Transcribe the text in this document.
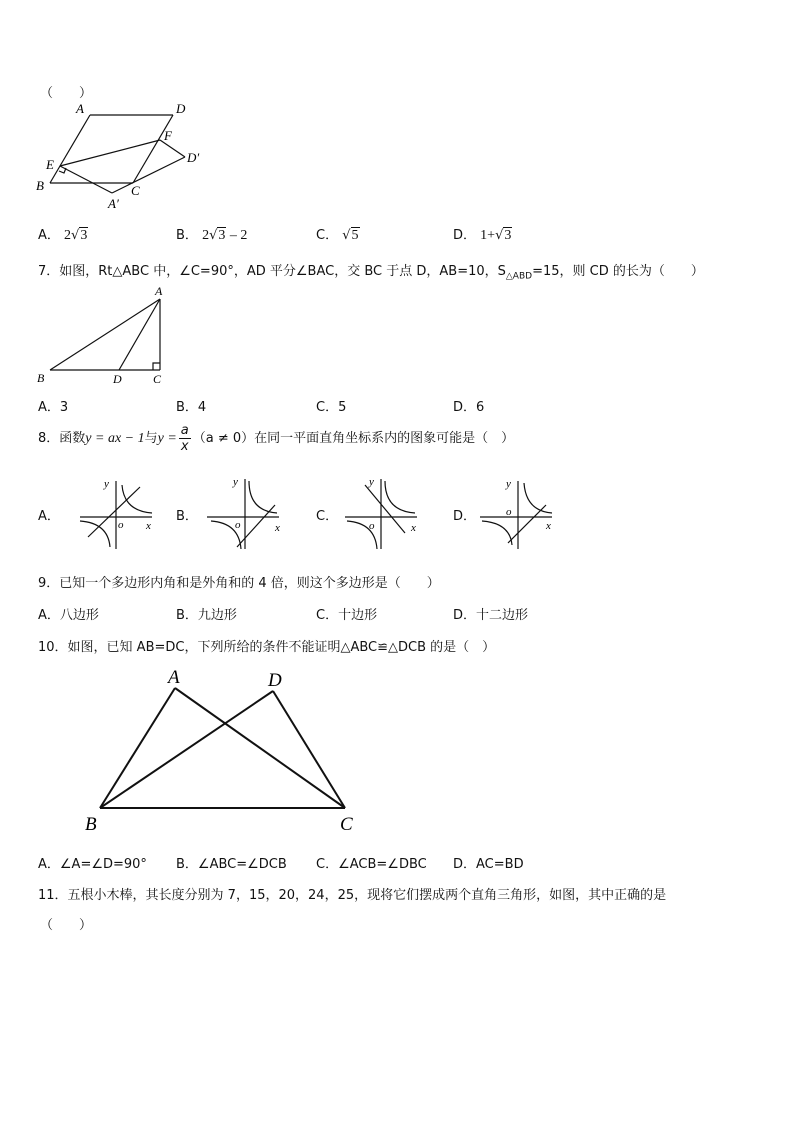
（　　）
A	D
F
E	D′
B	C
A′
A． 2√3	B． 2√3 – 2	C． √5	D． 1+√3
7．如图，Rt△ABC 中，∠C=90°，AD 平分∠BAC，交 BC 于点 D，AB=10，$S_{\triangle ABD}=15$，则 CD 的长为（　　）
A
B	D	C
A．3	B．4	C．5	D．6
8．函数y = ax − 1与$y = \frac{a}{x} (a \ne 0)$在同一平面直角坐标系内的图象可能是（　）
A．	B．	C．	D．
y
o x
y
o	x
y
o	x
y
o
x
9．已知一个多边形内角和是外角和的 4 倍，则这个多边形是（　　）
A．八边形	B．九边形	C．十边形	D．十二边形
10．如图，已知 AB=DC，下列所给的条件不能证明△ABC≌△DCB 的是（　）
A	D
B	C
A．∠A=∠D=90° B．∠ABC=∠DCB C．∠ACB=∠DBC D．AC=BD
11．五根小木棒，其长度分别为 7，15，20，24，25，现将它们摆成两个直角三角形，如图，其中正确的是
（　　）
